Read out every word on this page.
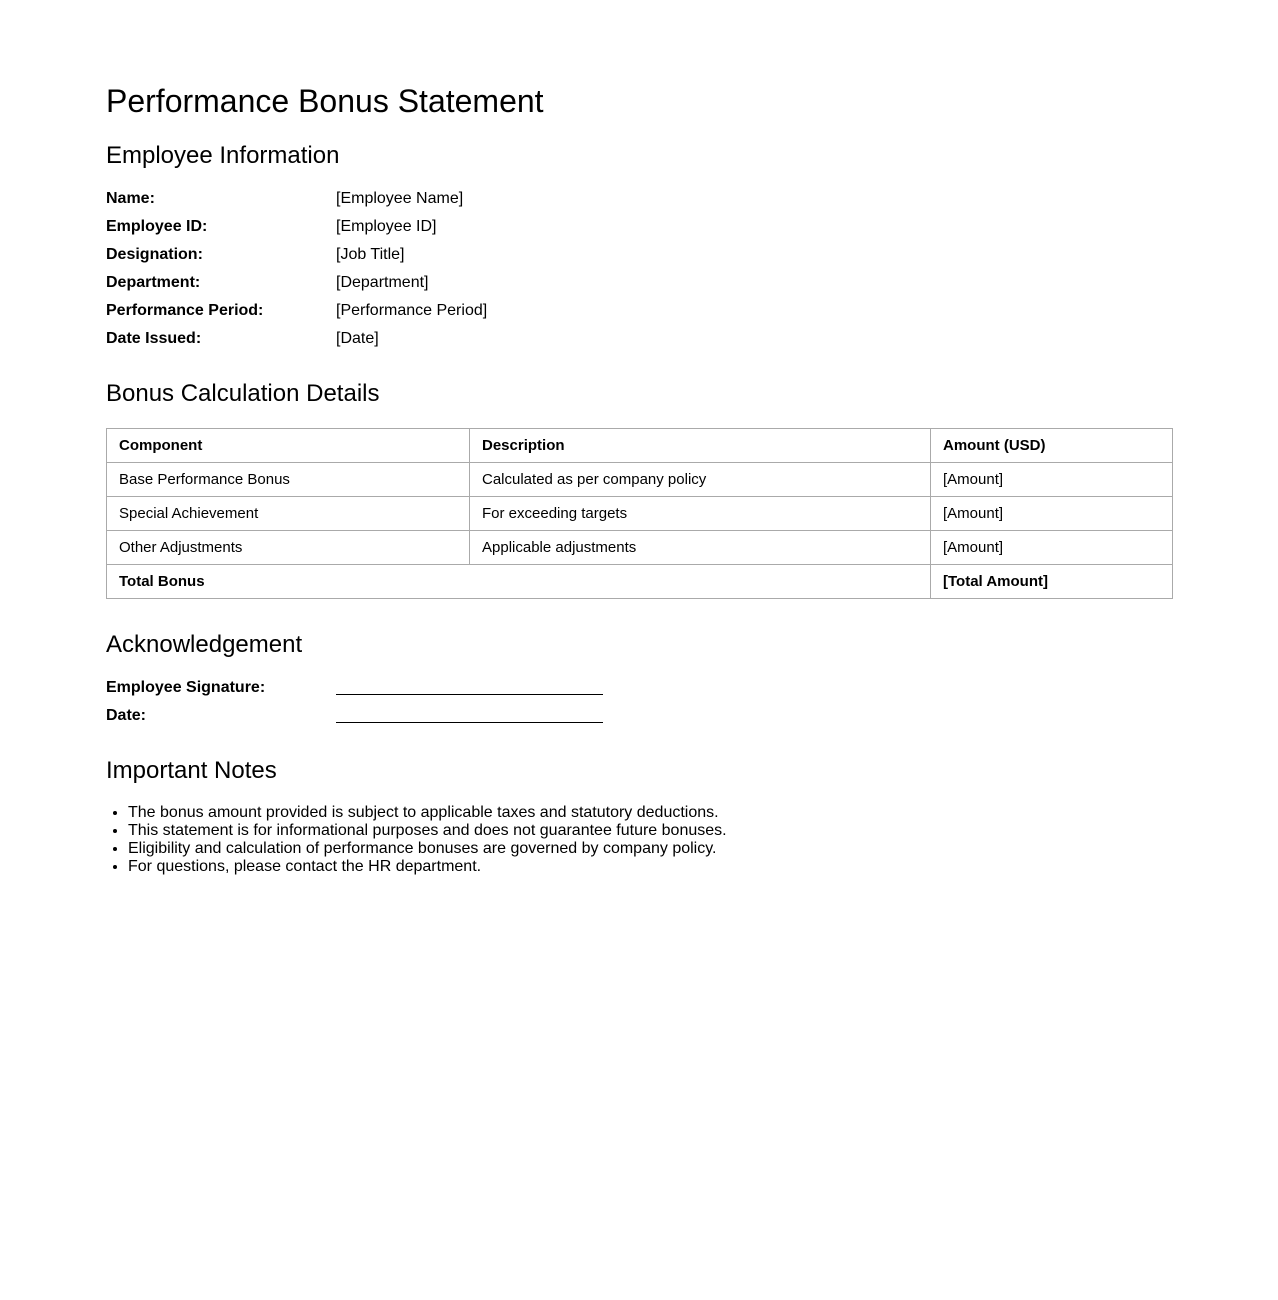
Performance Bonus Statement
Employee Information
Name:	[Employee Name]
Employee ID:	[Employee ID]
Designation:	[Job Title]
Department:	[Department]
Performance Period:	[Performance Period]
Date Issued:	[Date]
Bonus Calculation Details
Component	Description	Amount (USD)
Base Performance Bonus	Calculated as per company policy	[Amount]
Special Achievement	For exceeding targets	[Amount]
Other Adjustments	Applicable adjustments	[Amount]
Total Bonus		[Total Amount]
Acknowledgement
Employee Signature:
Date:
Important Notes
• The bonus amount provided is subject to applicable taxes and statutory deductions.
• This statement is for informational purposes and does not guarantee future bonuses.
• Eligibility and calculation of performance bonuses are governed by company policy.
• For questions, please contact the HR department.
